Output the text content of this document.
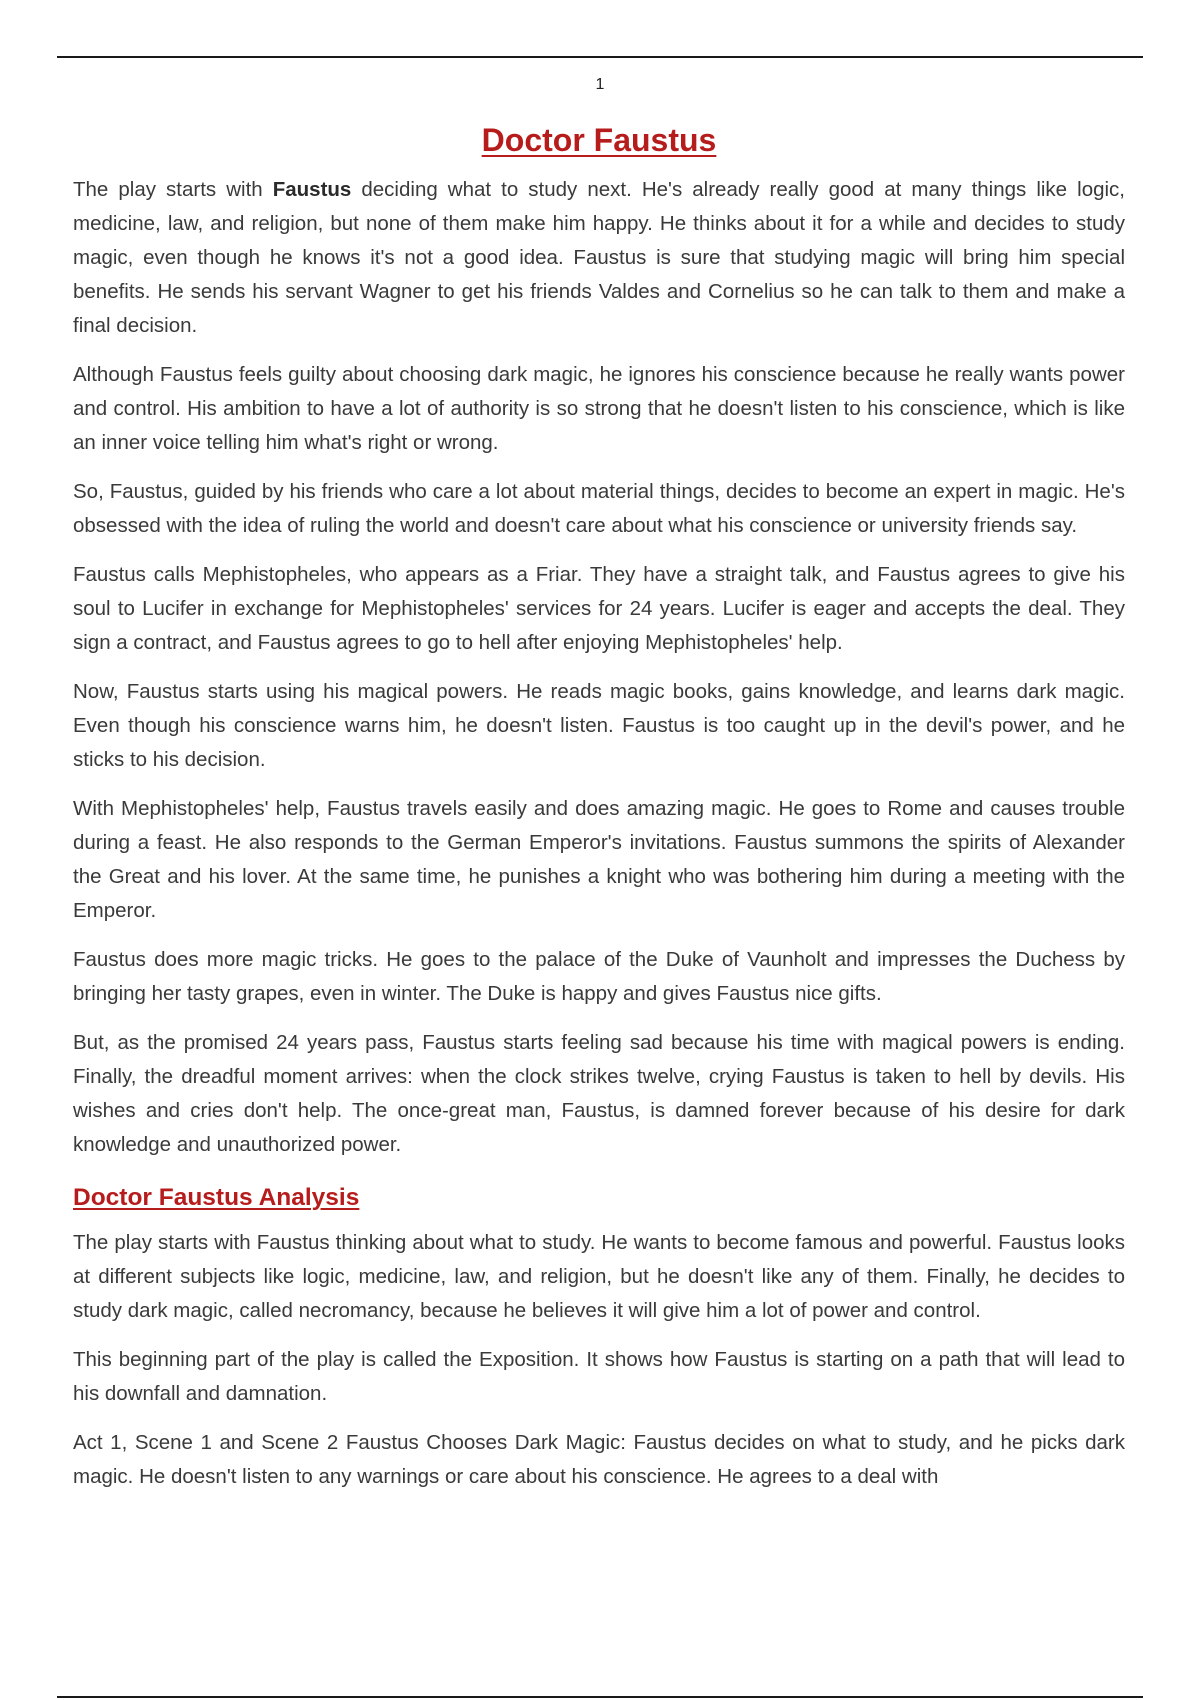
1
Doctor Faustus

The play starts with Faustus deciding what to study next. He's already really good at many things like logic, medicine, law, and religion, but none of them make him happy. He thinks about it for a while and decides to study magic, even though he knows it's not a good idea. Faustus is sure that studying magic will bring him special benefits. He sends his servant Wagner to get his friends Valdes and Cornelius so he can talk to them and make a final decision.

Although Faustus feels guilty about choosing dark magic, he ignores his conscience because he really wants power and control. His ambition to have a lot of authority is so strong that he doesn't listen to his conscience, which is like an inner voice telling him what's right or wrong.

So, Faustus, guided by his friends who care a lot about material things, decides to become an expert in magic. He's obsessed with the idea of ruling the world and doesn't care about what his conscience or university friends say.

Faustus calls Mephistopheles, who appears as a Friar. They have a straight talk, and Faustus agrees to give his soul to Lucifer in exchange for Mephistopheles' services for 24 years. Lucifer is eager and accepts the deal. They sign a contract, and Faustus agrees to go to hell after enjoying Mephistopheles' help.

Now, Faustus starts using his magical powers. He reads magic books, gains knowledge, and learns dark magic. Even though his conscience warns him, he doesn't listen. Faustus is too caught up in the devil's power, and he sticks to his decision.

With Mephistopheles' help, Faustus travels easily and does amazing magic. He goes to Rome and causes trouble during a feast. He also responds to the German Emperor's invitations. Faustus summons the spirits of Alexander the Great and his lover. At the same time, he punishes a knight who was bothering him during a meeting with the Emperor.

Faustus does more magic tricks. He goes to the palace of the Duke of Vaunholt and impresses the Duchess by bringing her tasty grapes, even in winter. The Duke is happy and gives Faustus nice gifts.

But, as the promised 24 years pass, Faustus starts feeling sad because his time with magical powers is ending. Finally, the dreadful moment arrives: when the clock strikes twelve, crying Faustus is taken to hell by devils. His wishes and cries don't help. The once-great man, Faustus, is damned forever because of his desire for dark knowledge and unauthorized power.

Doctor Faustus Analysis

The play starts with Faustus thinking about what to study. He wants to become famous and powerful. Faustus looks at different subjects like logic, medicine, law, and religion, but he doesn't like any of them. Finally, he decides to study dark magic, called necromancy, because he believes it will give him a lot of power and control.

This beginning part of the play is called the Exposition. It shows how Faustus is starting on a path that will lead to his downfall and damnation.

Act 1, Scene 1 and Scene 2 Faustus Chooses Dark Magic: Faustus decides on what to study, and he picks dark magic. He doesn't listen to any warnings or care about his conscience. He agrees to a deal with
